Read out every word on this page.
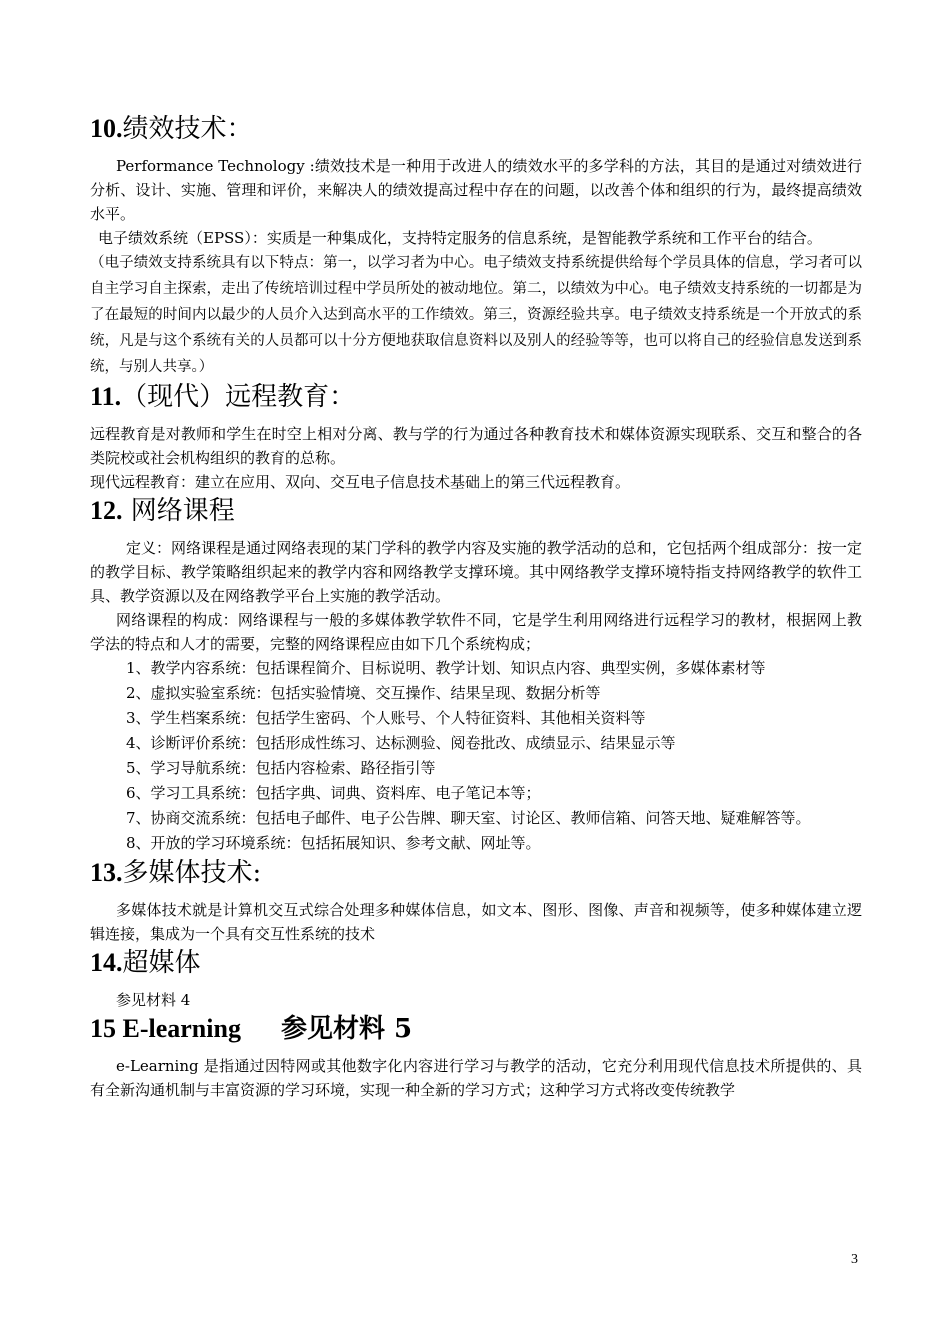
10.绩效技术：

Performance Technology :绩效技术是一种用于改进人的绩效水平的多学科的方法，其目的是通过对绩效进行分析、设计、实施、管理和评价，来解决人的绩效提高过程中存在的问题，以改善个体和组织的行为，最终提高绩效水平。

电子绩效系统（EPSS）：实质是一种集成化，支持特定服务的信息系统，是智能教学系统和工作平台的结合。

（电子绩效支持系统具有以下特点：第一，以学习者为中心。电子绩效支持系统提供给每个学员具体的信息，学习者可以自主学习自主探索，走出了传统培训过程中学员所处的被动地位。第二，以绩效为中心。电子绩效支持系统的一切都是为了在最短的时间内以最少的人员介入达到高水平的工作绩效。第三，资源经验共享。电子绩效支持系统是一个开放式的系统，凡是与这个系统有关的人员都可以十分方便地获取信息资料以及别人的经验等等，也可以将自己的经验信息发送到系统，与别人共享。）

11.（现代）远程教育：

远程教育是对教师和学生在时空上相对分离、教与学的行为通过各种教育技术和媒体资源实现联系、交互和整合的各类院校或社会机构组织的教育的总称。

现代远程教育：建立在应用、双向、交互电子信息技术基础上的第三代远程教育。

12. 网络课程

定义：网络课程是通过网络表现的某门学科的教学内容及实施的教学活动的总和，它包括两个组成部分：按一定的教学目标、教学策略组织起来的教学内容和网络教学支撑环境。其中网络教学支撑环境特指支持网络教学的软件工具、教学资源以及在网络教学平台上实施的教学活动。

网络课程的构成：网络课程与一般的多媒体教学软件不同，它是学生利用网络进行远程学习的教材，根据网上教学法的特点和人才的需要，完整的网络课程应由如下几个系统构成；

1、教学内容系统：包括课程简介、目标说明、教学计划、知识点内容、典型实例，多媒体素材等
2、虚拟实验室系统：包括实验情境、交互操作、结果呈现、数据分析等
3、学生档案系统：包括学生密码、个人账号、个人特征资料、其他相关资料等
4、诊断评价系统：包括形成性练习、达标测验、阅卷批改、成绩显示、结果显示等
5、学习导航系统：包括内容检索、路径指引等
6、学习工具系统：包括字典、词典、资料库、电子笔记本等；
7、协商交流系统：包括电子邮件、电子公告牌、聊天室、讨论区、教师信箱、问答天地、疑难解答等。
8、开放的学习环境系统：包括拓展知识、参考文献、网址等。
13.多媒体技术:

多媒体技术就是计算机交互式综合处理多种媒体信息，如文本、图形、图像、声音和视频等，使多种媒体建立逻辑连接，集成为一个具有交互性系统的技术

14.超媒体

参见材料 4

15 E-learning 参见材料 5

e-Learning 是指通过因特网或其他数字化内容进行学习与教学的活动，它充分利用现代信息技术所提供的、具有全新沟通机制与丰富资源的学习环境，实现一种全新的学习方式；这种学习方式将改变传统教学

3
